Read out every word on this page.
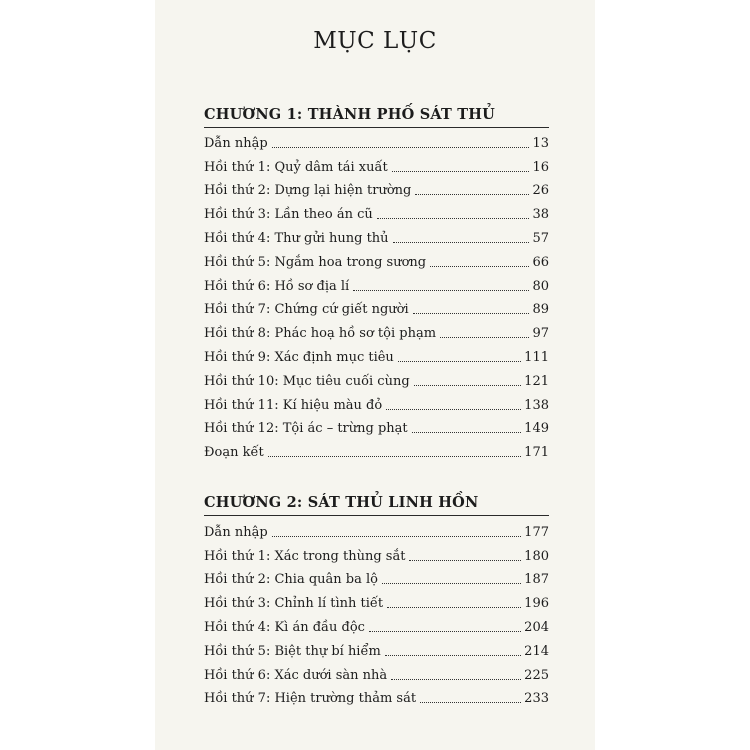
MỤC LỤC
CHƯƠNG 1: THÀNH PHỐ SÁT THỦ
Dẫn nhập	13
Hồi thứ 1: Quỷ dâm tái xuất	16
Hồi thứ 2: Dựng lại hiện trường	26
Hồi thứ 3: Lần theo án cũ	38
Hồi thứ 4: Thư gửi hung thủ	57
Hồi thứ 5: Ngắm hoa trong sương	66
Hồi thứ 6: Hồ sơ địa lí	80
Hồi thứ 7: Chứng cứ giết người	89
Hồi thứ 8: Phác hoạ hồ sơ tội phạm	97
Hồi thứ 9: Xác định mục tiêu	111
Hồi thứ 10: Mục tiêu cuối cùng	121
Hồi thứ 11: Kí hiệu màu đỏ	138
Hồi thứ 12: Tội ác – trừng phạt	149
Đoạn kết	171
CHƯƠNG 2: SÁT THỦ LINH HỒN
Dẫn nhập	177
Hồi thứ 1: Xác trong thùng sắt	180
Hồi thứ 2: Chia quân ba lộ	187
Hồi thứ 3: Chỉnh lí tình tiết	196
Hồi thứ 4: Kì án đầu độc	204
Hồi thứ 5: Biệt thự bí hiểm	214
Hồi thứ 6: Xác dưới sàn nhà	225
Hồi thứ 7: Hiện trường thảm sát	233
